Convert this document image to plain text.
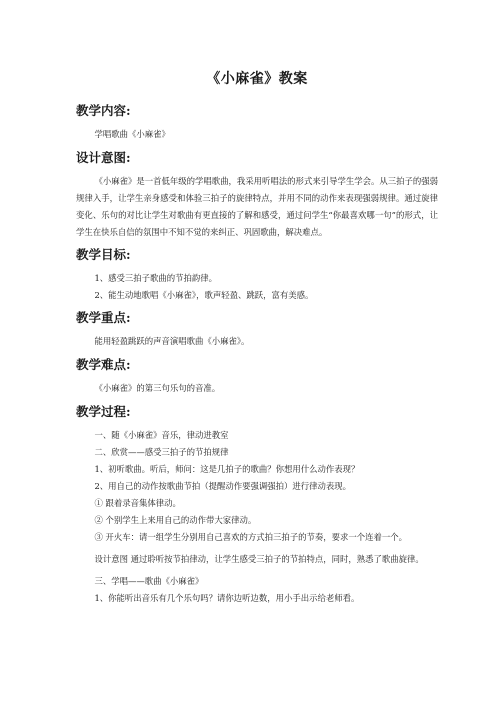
《小麻雀》教案
教学内容:

学唱歌曲《小麻雀》

设计意图:

《小麻雀》是一首低年级的学唱歌曲，我采用听唱法的形式来引导学生学会。从三拍子的强弱规律入手，让学生亲身感受和体验三拍子的旋律特点，并用不同的动作来表现强弱规律。通过旋律变化、乐句的对比让学生对歌曲有更直接的了解和感受，通过问学生“你最喜欢哪一句”的形式，让学生在快乐自信的氛围中不知不觉的来纠正、巩固歌曲，解决难点。

教学目标:

1、感受三拍子歌曲的节拍韵律。

2、能生动地歌唱《小麻雀》，歌声轻盈、跳跃，富有美感。

教学重点:

能用轻盈跳跃的声音演唱歌曲《小麻雀》。

教学难点:

《小麻雀》的第三句乐句的音准。

教学过程:

一、随《小麻雀》音乐，律动进教室

二、欣赏——感受三拍子的节拍规律

1、初听歌曲。听后，师问：这是几拍子的歌曲？你想用什么动作表现？

2、用自己的动作按歌曲节拍（提醒动作要强调强拍）进行律动表现。

① 跟着录音集体律动。

② 个别学生上来用自己的动作带大家律动。

③ 开火车：请一组学生分别用自己喜欢的方式拍三拍子的节奏，要求一个连着一个。

设计意图 通过聆听按节拍律动，让学生感受三拍子的节拍特点，同时，熟悉了歌曲旋律。

三、学唱——歌曲《小麻雀》

1、你能听出音乐有几个乐句吗？请你边听边数，用小手出示给老师看。
